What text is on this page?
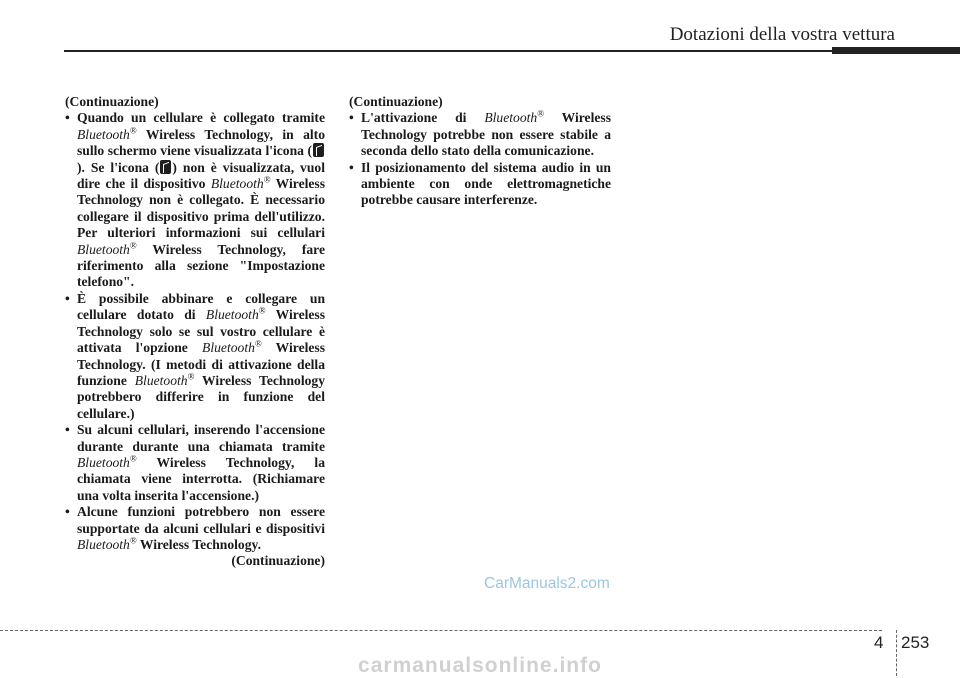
Dotazioni della vostra vettura

(Continuazione)

• Quando un cellulare è collegato tramite Bluetooth® Wireless Technology, in alto sullo schermo viene visualizzata l'icona (). Se l'icona ( ) non è visualizzata, vuol dire che il dispositivo Bluetooth® Wireless Technology non è collegato. È necessario collegare il dispositivo prima dell'utilizzo. Per ulteriori informazioni sui cellulari Bluetooth® Wireless Technology, fare riferimento alla sezione "Impostazione telefono".

• È possibile abbinare e collegare un cellulare dotato di Bluetooth® Wireless Technology solo se sul vostro cellulare è attivata l'opzione Bluetooth® Wireless Technology. (I metodi di attivazione della funzione Bluetooth® Wireless Technology potrebbero differire in funzione del cellulare.)

• Su alcuni cellulari, inserendo l'accensione durante durante una chiamata tramite Bluetooth® Wireless Technology, la chiamata viene interrotta. (Richiamare una volta inserita l'accensione.)

• Alcune funzioni potrebbero non essere supportate da alcuni cellulari e dispositivi Bluetooth® Wireless Technology.

(Continuazione)

(Continuazione)

• L'attivazione di Bluetooth® Wireless Technology potrebbe non essere stabile a seconda dello stato della comunicazione.

• Il posizionamento del sistema audio in un ambiente con onde elettromagnetiche potrebbe causare interferenze.

CarManuals2.com
4 253
carmanualsonline.info
